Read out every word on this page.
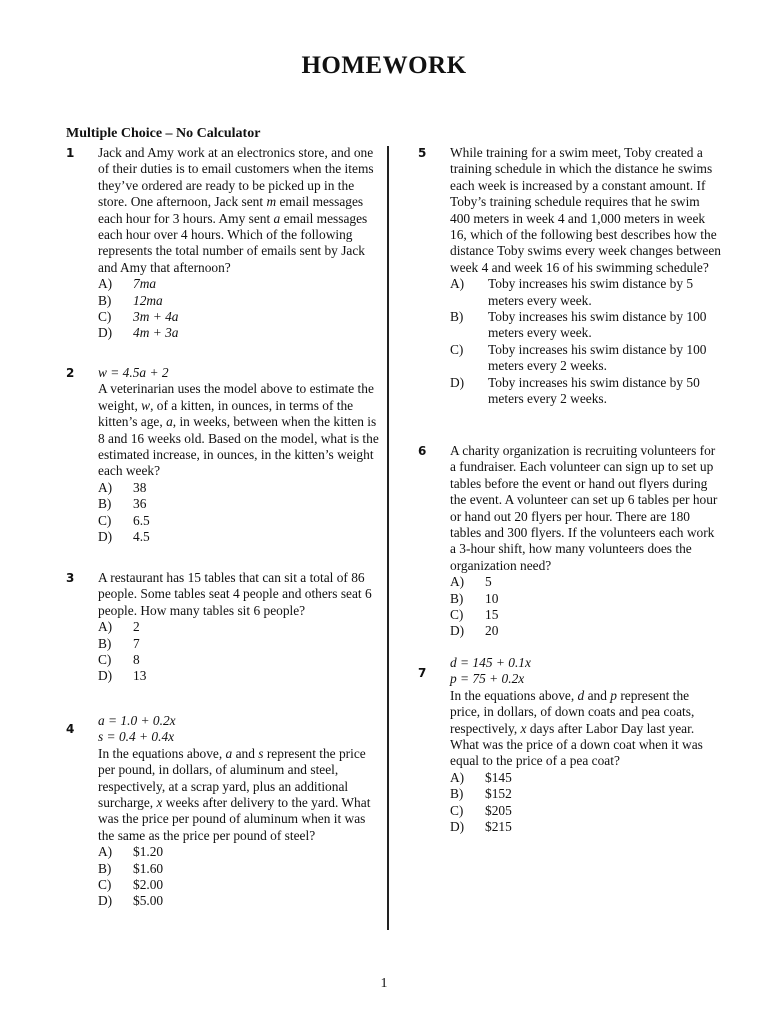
HOMEWORK
Multiple Choice – No Calculator
1 Jack and Amy work at an electronics store, and one of their duties is to email customers when the items they’ve ordered are ready to be picked up in the store. One afternoon, Jack sent m email messages each hour for 3 hours. Amy sent a email messages each hour over 4 hours. Which of the following represents the total number of emails sent by Jack and Amy that afternoon?

A)	7ma
B)	12ma
C)	3m + 4a
D)	4m + 3a
2 w = 4.5a + 2

A veterinarian uses the model above to estimate the weight, w, of a kitten, in ounces, in terms of the kitten’s age, a, in weeks, between when the kitten is 8 and 16 weeks old. Based on the model, what is the estimated increase, in ounces, in the kitten’s weight each week?

A)	38
B)	36
C)	6.5
D)	4.5
3 A restaurant has 15 tables that can sit a total of 86 people. Some tables seat 4 people and others seat 6 people. How many tables sit 6 people?

A)	2
B)	7
C)	8
D)	13
4
a = 1.0 + 0.2x
s = 0.4 + 0.4x

In the equations above, a and s represent the price per pound, in dollars, of aluminum and steel, respectively, at a scrap yard, plus an additional surcharge, x weeks after delivery to the yard. What was the price per pound of aluminum when it was the same as the price per pound of steel?

A)	$1.20
B)	$1.60
C)	$2.00
D)	$5.00
5 While training for a swim meet, Toby created a training schedule in which the distance he swims each week is increased by a constant amount. If Toby’s training schedule requires that he swim 400 meters in week 4 and 1,000 meters in week 16, which of the following best describes how the distance Toby swims every week changes between week 4 and week 16 of his swimming schedule?

A)	Toby increases his swim distance by 5 meters every week.
B)	Toby increases his swim distance by 100 meters every week.
C)	Toby increases his swim distance by 100 meters every 2 weeks.
D)	Toby increases his swim distance by 50 meters every 2 weeks.
6 A charity organization is recruiting volunteers for a fundraiser. Each volunteer can sign up to set up tables before the event or hand out flyers during the event. A volunteer can set up 6 tables per hour or hand out 20 flyers per hour. There are 180 tables and 300 flyers. If the volunteers each work a 3-hour shift, how many volunteers does the organization need?

A)	5
B)	10
C)	15
D)	20
7
d = 145 + 0.1x
p = 75 + 0.2x

In the equations above, d and p represent the price, in dollars, of down coats and pea coats, respectively, x days after Labor Day last year. What was the price of a down coat when it was equal to the price of a pea coat?

A)	$145
B)	$152
C)	$205
D)	$215
1
